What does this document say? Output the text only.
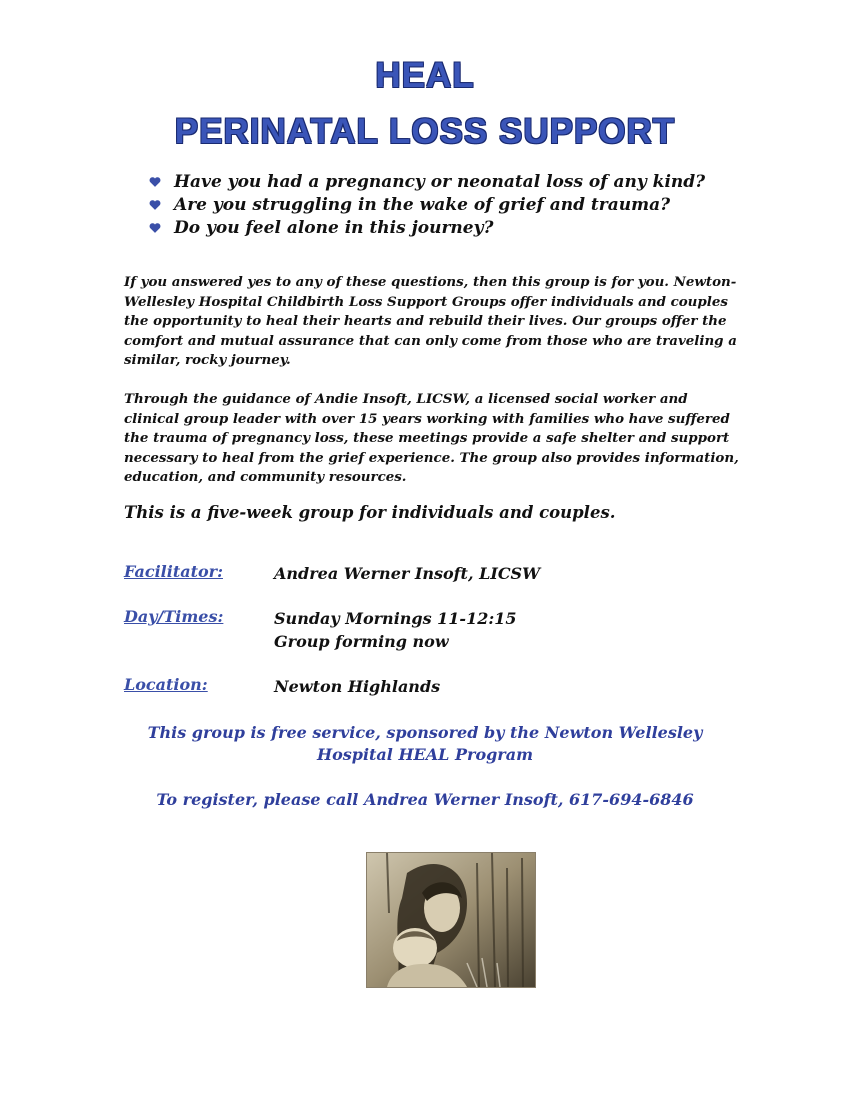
HEAL
PERINATAL LOSS SUPPORT
Have you had a pregnancy or neonatal loss of any kind?
Are you struggling in the wake of grief and trauma?
Do you feel alone in this journey?

If you answered yes to any of these questions, then this group is for you. Newton-Wellesley Hospital Childbirth Loss Support Groups offer individuals and couples the opportunity to heal their hearts and rebuild their lives. Our groups offer the comfort and mutual assurance that can only come from those who are traveling a similar, rocky journey.

Through the guidance of Andie Insoft, LICSW, a licensed social worker and clinical group leader with over 15 years working with families who have suffered the trauma of pregnancy loss, these meetings provide a safe shelter and support necessary to heal from the grief experience. The group also provides information, education, and community resources.

This is a five-week group for individuals and couples.
Facilitator:	Andrea Werner Insoft, LICSW
Day/Times:	Sunday Mornings 11-12:15
Group forming now
Location:	Newton Highlands
This group is free service, sponsored by the Newton Wellesley
Hospital HEAL Program
To register, please call Andrea Werner Insoft, 617-694-6846
